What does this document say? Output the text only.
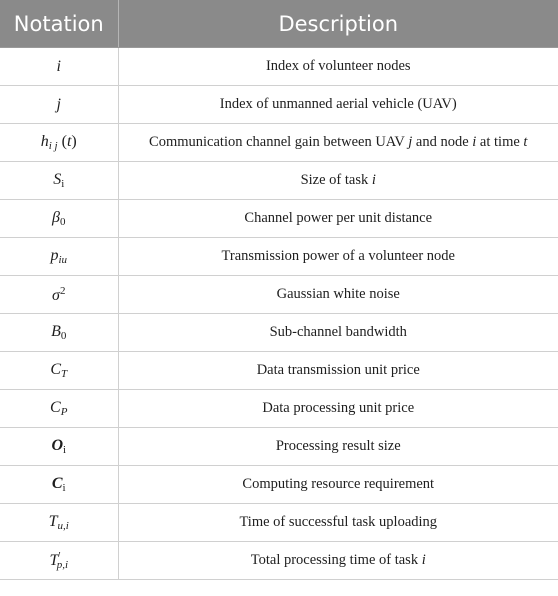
Notation	Description
i	Index of volunteer nodes
j	Index of unmanned aerial vehicle (UAV)
hi j (t)	Communication channel gain between UAV j and node i at time t
Si	Size of task i
β0	Channel power per unit distance
piu	Transmission power of a volunteer node
$\sigma^2$	Gaussian white noise
B0	Sub-channel bandwidth
CT	Data transmission unit price
CP	Data processing unit price
Oi	Processing result size
Ci	Computing resource requirement
Tu,i	Time of successful task uploading
T′p,i	Total processing time of task i
